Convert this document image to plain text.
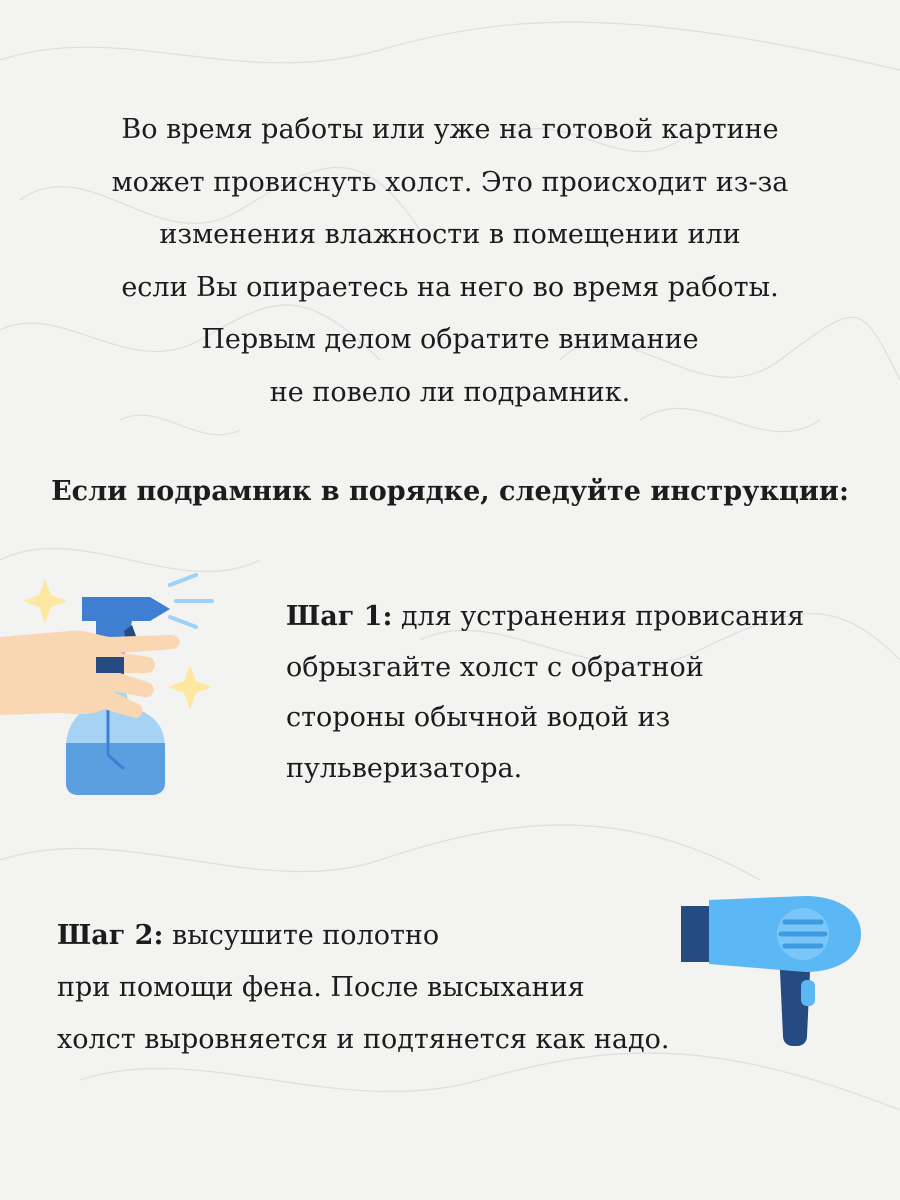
Во время работы или уже на готовой картине
может провиснуть холст. Это происходит из-за
изменения влажности в помещении или
если Вы опираетесь на него во время работы.
Первым делом обратите внимание
не повело ли подрамник.
Если подрамник в порядке, следуйте инструкции:
Шаг 1: для устранения провисания
обрызгайте холст с обратной
стороны обычной водой из
пульверизатора.
Шаг 2: высушите полотно
при помощи фена. После высыхания
холст выровняется и подтянется как надо.
